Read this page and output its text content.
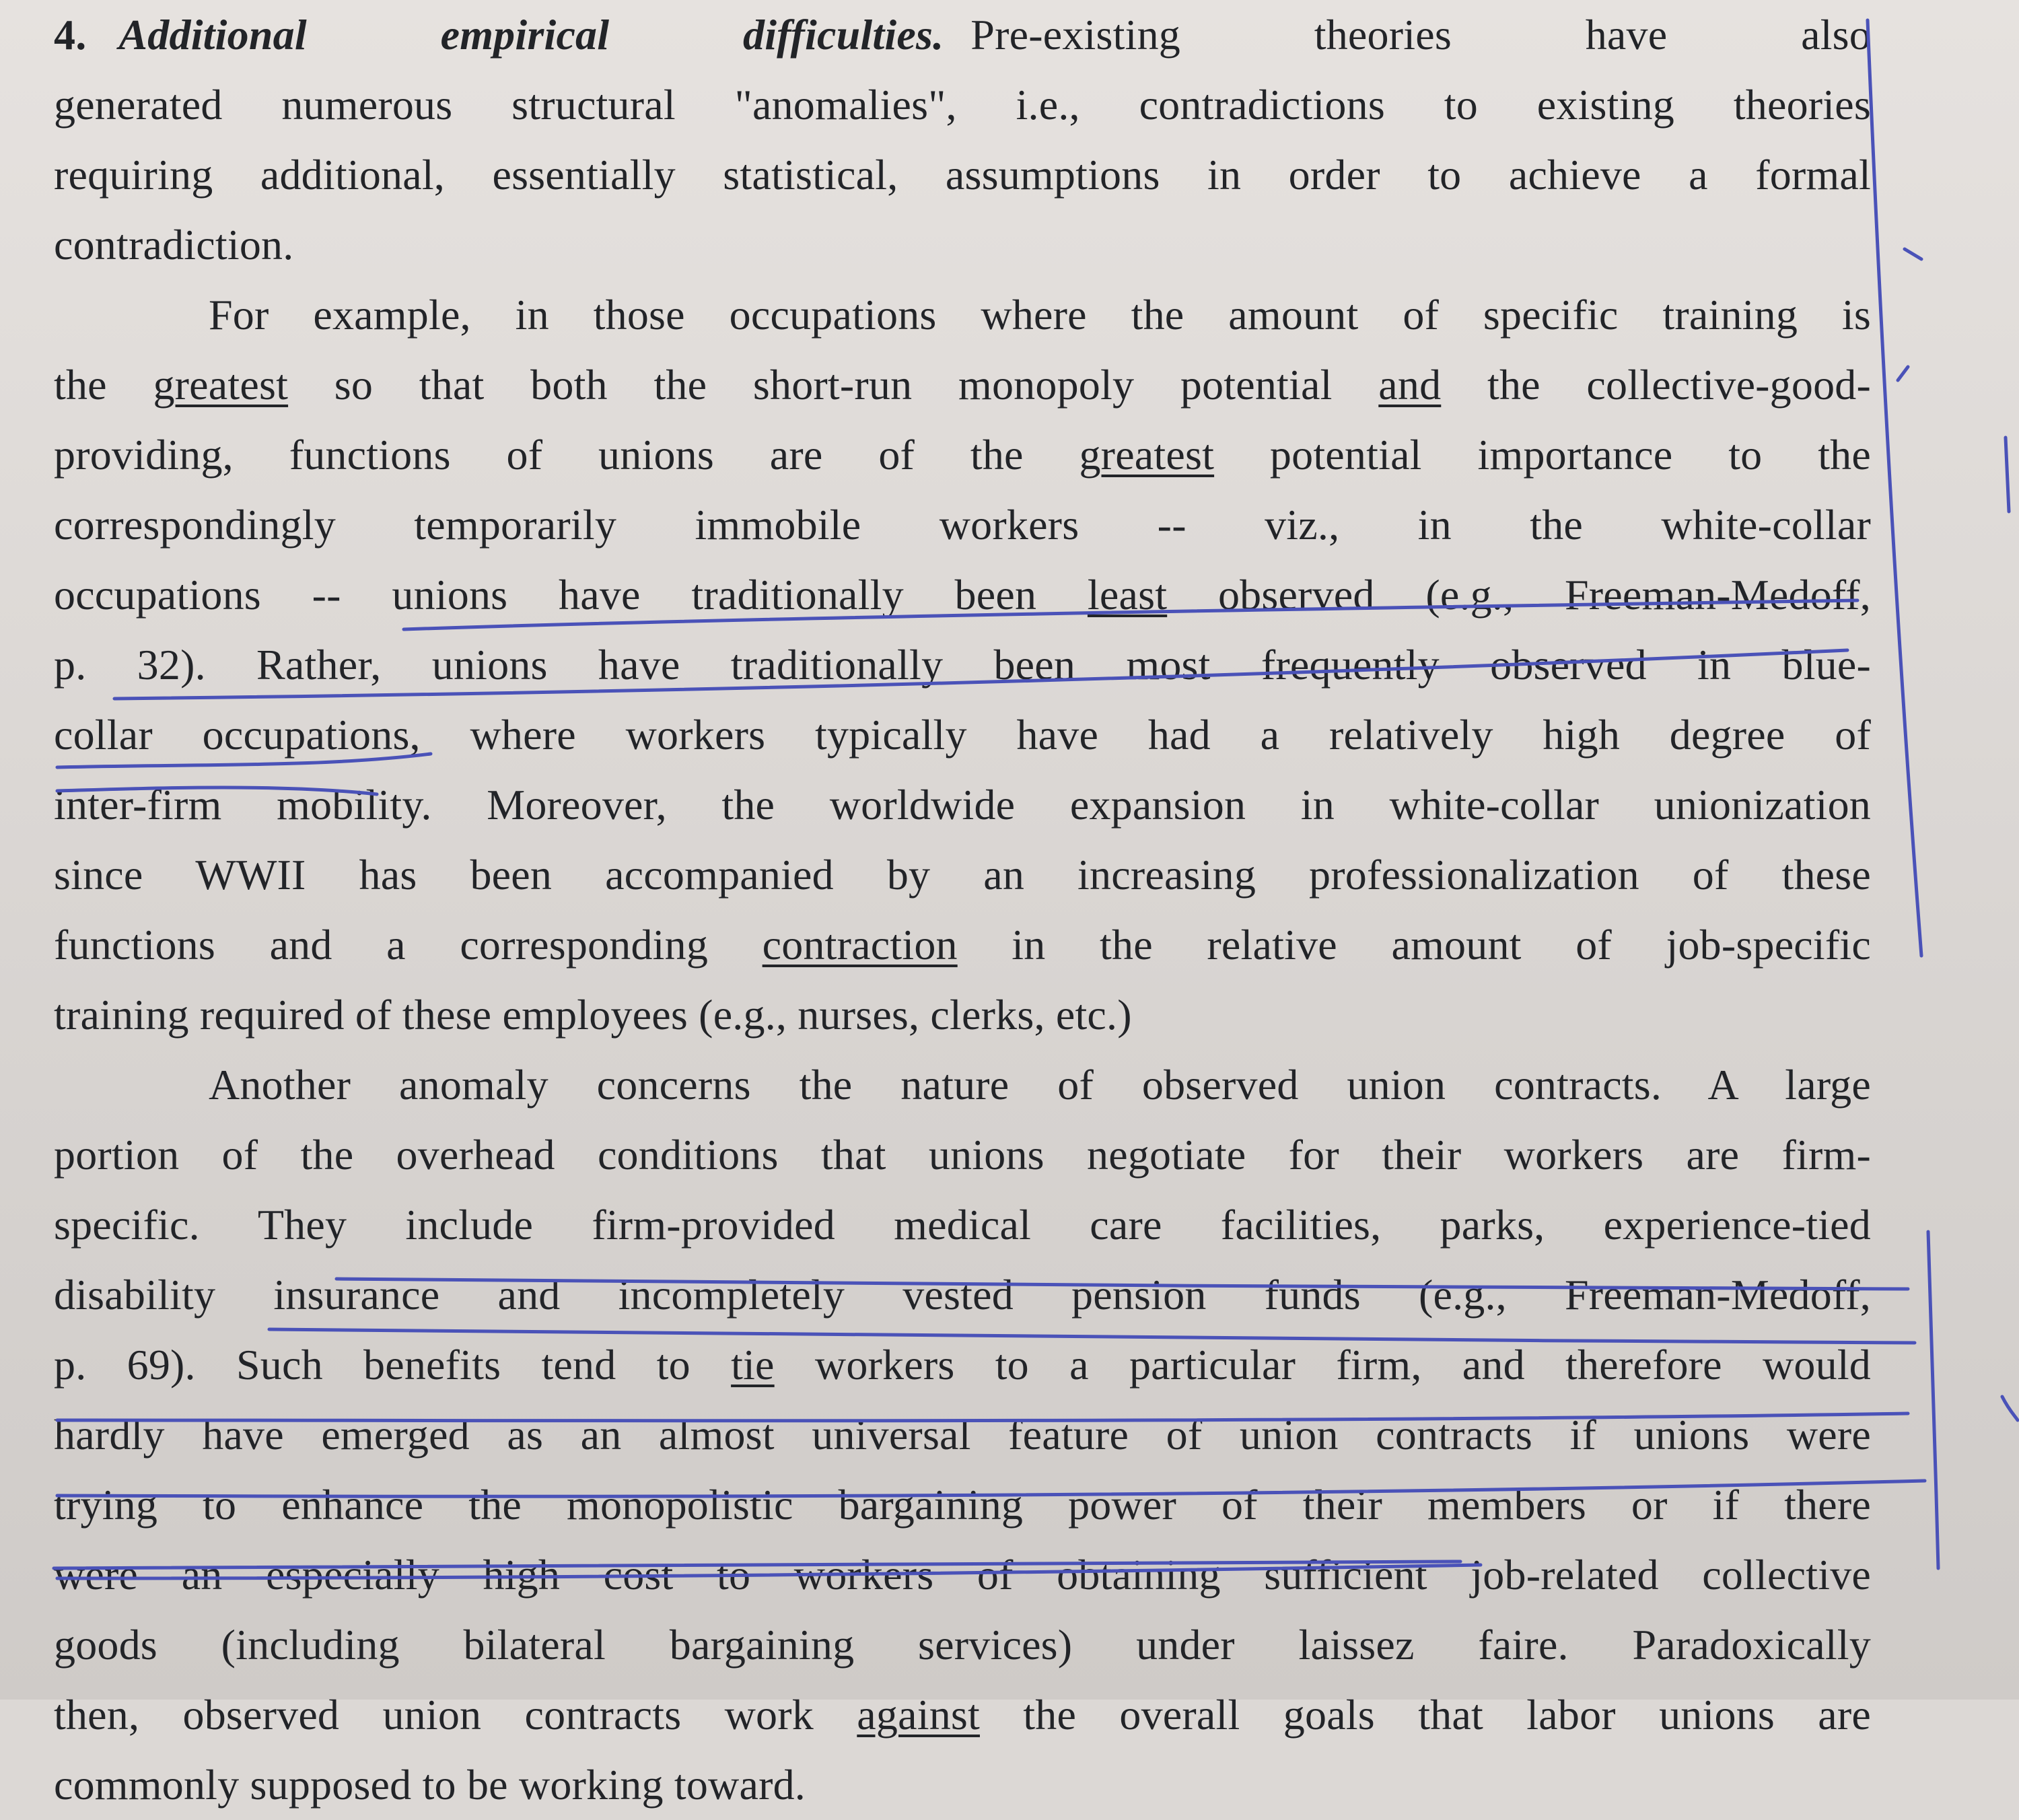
4. Additional empirical difficulties. Pre-existing theories have also
generated numerous structural "anomalies", i.e., contradictions to existing theories
requiring additional, essentially statistical, assumptions in order to achieve a formal
contradiction.
For example, in those occupations where the amount of specific training is
the greatest so that both the short-run monopoly potential and the collective-good-
providing, functions of unions are of the greatest potential importance to the
correspondingly temporarily immobile workers -- viz., in the white-collar
occupations -- unions have traditionally been least observed (e.g., Freeman-Medoff,
p. 32). Rather, unions have traditionally been most frequently observed in blue-
collar occupations, where workers typically have had a relatively high degree of
inter-firm mobility. Moreover, the worldwide expansion in white-collar unionization
since WWII has been accompanied by an increasing professionalization of these
functions and a corresponding contraction in the relative amount of job-specific
training required of these employees (e.g., nurses, clerks, etc.)
Another anomaly concerns the nature of observed union contracts. A large
portion of the overhead conditions that unions negotiate for their workers are firm-
specific. They include firm-provided medical care facilities, parks, experience-tied
disability insurance and incompletely vested pension funds (e.g., Freeman-Medoff,
p. 69). Such benefits tend to tie workers to a particular firm, and therefore would
hardly have emerged as an almost universal feature of union contracts if unions were
trying to enhance the monopolistic bargaining power of their members or if there
were an especially high cost to workers of obtaining sufficient job-related collective
goods (including bilateral bargaining services) under laissez faire. Paradoxically
then, observed union contracts work against the overall goals that labor unions are
commonly supposed to be working toward.
